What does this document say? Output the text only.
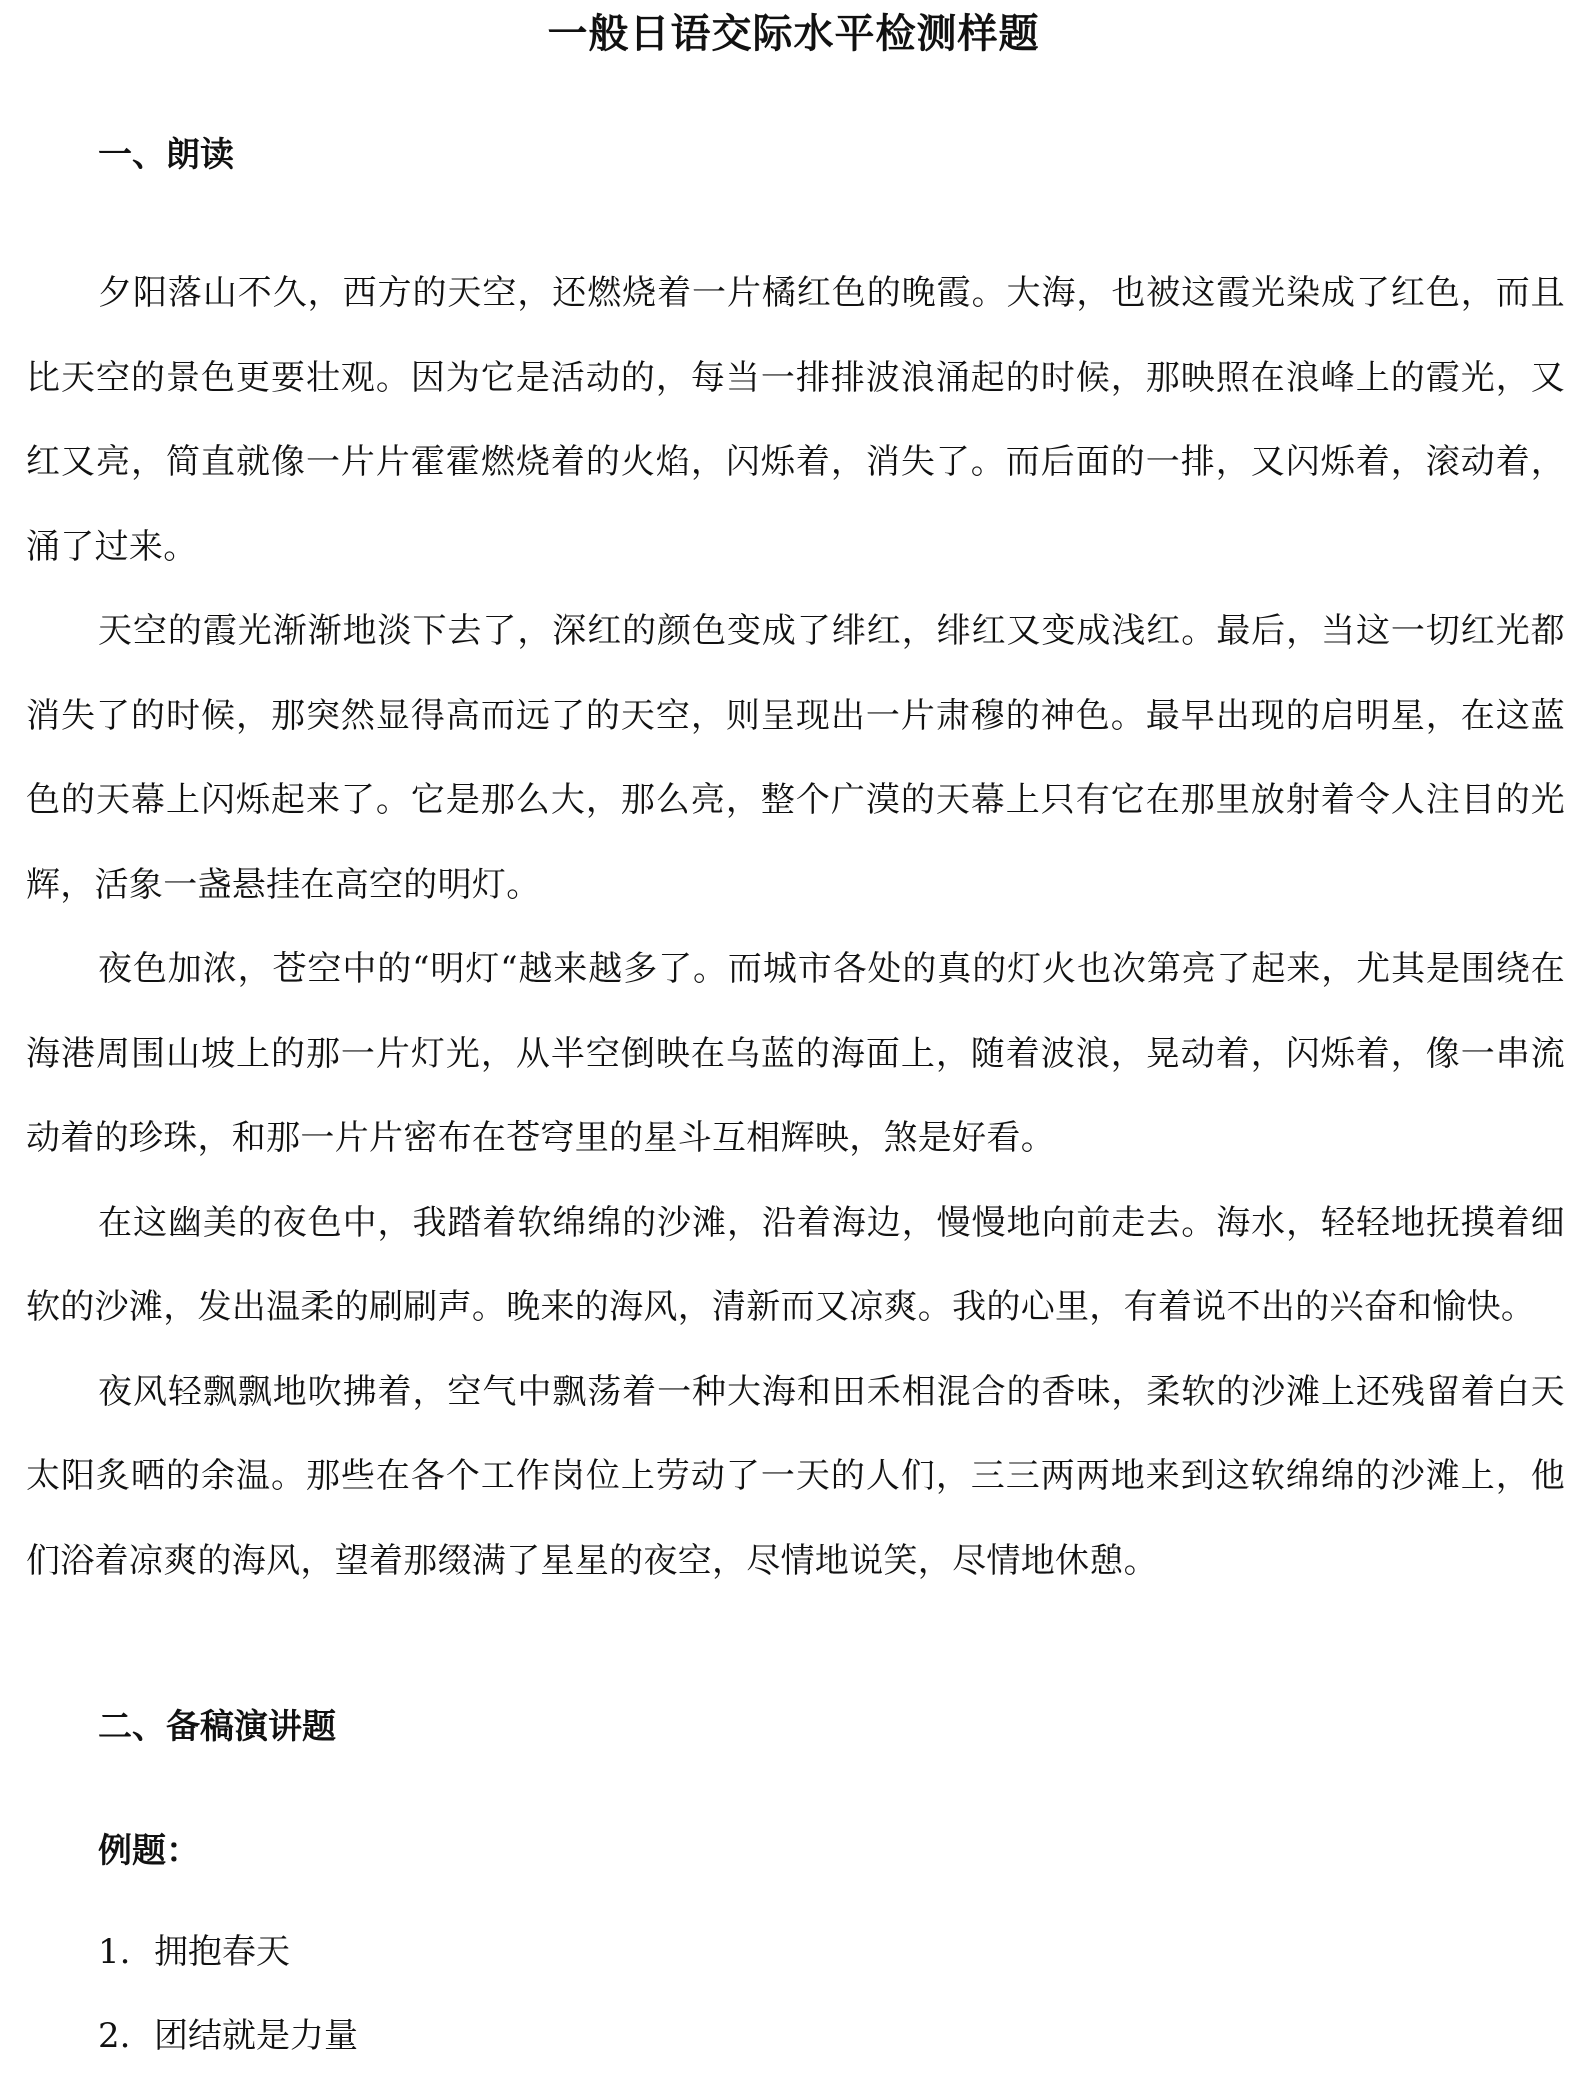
一般日语交际水平检测样题
一、朗读

夕阳落山不久，西方的天空，还燃烧着一片橘红色的晚霞。大海，也被这霞光染成了红色，而且比天空的景色更要壮观。因为它是活动的，每当一排排波浪涌起的时候，那映照在浪峰上的霞光，又红又亮，简直就像一片片霍霍燃烧着的火焰，闪烁着，消失了。而后面的一排，又闪烁着，滚动着，涌了过来。

天空的霞光渐渐地淡下去了，深红的颜色变成了绯红，绯红又变成浅红。最后，当这一切红光都消失了的时候，那突然显得高而远了的天空，则呈现出一片肃穆的神色。最早出现的启明星，在这蓝色的天幕上闪烁起来了。它是那么大，那么亮，整个广漠的天幕上只有它在那里放射着令人注目的光辉，活象一盏悬挂在高空的明灯。

夜色加浓，苍空中的“明灯“越来越多了。而城市各处的真的灯火也次第亮了起来，尤其是围绕在海港周围山坡上的那一片灯光，从半空倒映在乌蓝的海面上，随着波浪，晃动着，闪烁着，像一串流动着的珍珠，和那一片片密布在苍穹里的星斗互相辉映，煞是好看。

在这幽美的夜色中，我踏着软绵绵的沙滩，沿着海边，慢慢地向前走去。海水，轻轻地抚摸着细软的沙滩，发出温柔的刷刷声。晚来的海风，清新而又凉爽。我的心里，有着说不出的兴奋和愉快。

夜风轻飘飘地吹拂着，空气中飘荡着一种大海和田禾相混合的香味，柔软的沙滩上还残留着白天太阳炙晒的余温。那些在各个工作岗位上劳动了一天的人们，三三两两地来到这软绵绵的沙滩上，他们浴着凉爽的海风，望着那缀满了星星的夜空，尽情地说笑，尽情地休憩。

二、备稿演讲题
例题：
1. 拥抱春天
2. 团结就是力量
